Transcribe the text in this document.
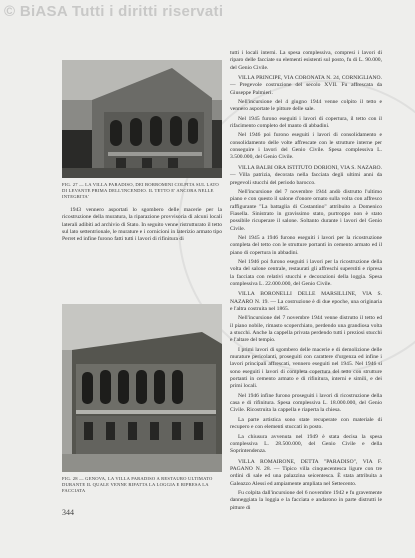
© BiASA Tutti i diritti riservati
FIG. 27 — LA VILLA PARADISO, DEI BORROMINI COLPITA SUL LATO DI LEVANTE PRIMA DELL'INCENDIO. IL TETTO E' ANCORA NELLE INTEGRITA'

1943 vennero asportati lo sgombero delle macerie per la ricostruzione della muratura, la riparazione provvisoria di alcuni locali laterali adibiti ad archivio di Stato. In seguito venne ristrutturato il tetto sul lato settentrionale, le murature e i cornicioni in laterizio armato tipo Perret ed infine furono fatti tutti i lavori di rifinitura di

FIG. 28 — GENOVA, LA VILLA PARADISO A RESTAURO ULTIMATO DURANTE IL QUALE VENNE RIFATTA LA LOGGIA E RIPRESA LA FACCIATA

tutti i locali interni. La spesa complessiva, compresi i lavori di riparo delle facciate su elementi esistenti sul posto, fu di L. 90.000, del Genio Civile.

VILLA PRINCIPE, VIA CORONATA N. 24, CORNIGLIANO. — Pregevole costruzione del secolo XVII. Fu affrescata da Giuseppe Palmieri.

Nell'incursione del 4 giugno 1944 venne colpito il tetto e vennero asportate le pitture delle sale.

Nel 1945 furono eseguiti i lavori di copertura, il tetto con il rifacimento completo del manto di abbadini.

Nel 1946 poi furono eseguiti i lavori di consolidamento e consolidamento delle volte affrescate con le strutture interne per conseguire i lavori del Genio Civile. Spesa complessiva L. 3.500.000, del Genio Civile.

VILLA BALBI ORA ISTITUTO DORIONI, VIA S. NAZARO. — Villa patrizia, decorata nella facciata degli ultimi anni da pregevoli stucchi del periodo barocco.

Nell'incursione del 7 novembre 1944 andò distrutto l'ultimo piano e con questo il salone d'onore ornato sulla volta con affresco raffigurante "La battaglia di Costantino" attribuito a Domenico Fiasella. Sinistrato in gravissimo stato, purtroppo non è stato possibile ricuperare il salone. Soltanto durante i lavori del Genio Civile.

Nel 1945 a 1946 furono eseguiti i lavori per la ricostruzione completa del tetto con le strutture portanti in cemento armato ed il piano di copertura in abbadini.

Nel 1946 poi furono eseguiti i lavori per la ricostruzione della volta del salone centrale, restaurati gli affreschi superstiti e ripresa la facciata con relativi stucchi e decorazioni della loggia. Spesa complessiva L. 22.000.000, del Genio Civile.

VILLA BORONELLI DELLE MARSILLINE, VIA S. NAZARO N. 19. — La costruzione è di due epoche, una originaria e l'altra costruita nel 1865.

Nell'incursione del 7 novembre 1944 venne distrutto il tetto ed il piano nobile, rimasto scoperchiato, perdendo una grandiosa volta a stucchi. Anche la cappella privata perdendo tutti i preziosi stucchi e l'altare del tempio.

I primi lavori di sgombero delle macerie e di demolizione delle murature pericolanti, proseguiti con carattere d'urgenza ed infine i lavori principali affrescati, vennero eseguiti nel 1945. Nel 1946 si sono eseguiti i lavori di completa copertura del tetto con strutture portanti in cemento armato e di rifinitura, interni e simili, e dei primi locali.

Nel 1946 infine furono proseguiti i lavori di ricostruzione della casa e di rifinitura. Spesa complessiva L. 18.000.000, del Genio Civile. Ricostruita la cappella e riaperta la chiesa.

La parte artistica sono state recuperate con materiale di recupero e con elementi stuccati in posto.

La chiusura avvenuta nel 1949 è stata decisa la spesa complessiva L. 28.500.000, del Genio Civile e della Soprintendenza.

VILLA ROMAIRONE, DETTA "PARADISO", VIA F. PAGANO N. 28. — Tipico villa cinquecentesca ligure con tre ordini di sale ed una palazzina seicentesca. È stata attribuita a Galeazzo Alessi ed ampiamente ampliata nel Settecento.

Fu colpita dall'incursione del 6 novembre 1942 e fu gravemente danneggiata la loggia e la facciata e andarono in parte distrutti le pitture di

344
